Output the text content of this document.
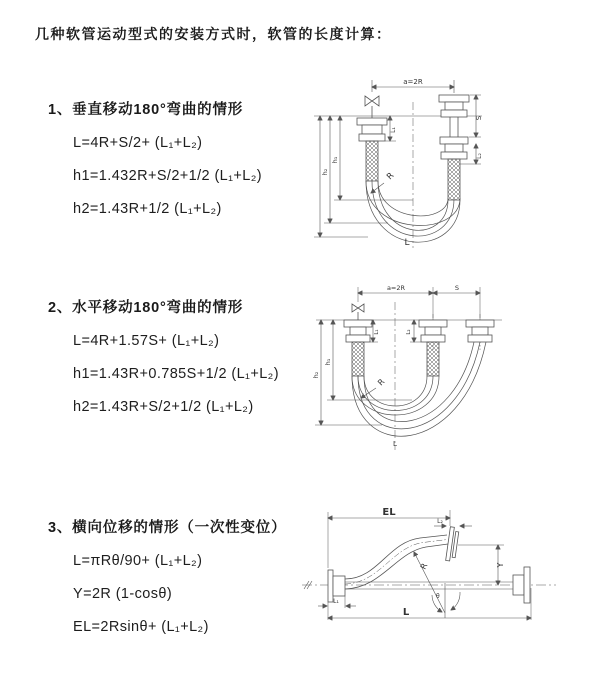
几种软管运动型式的安装方式时，软管的长度计算：
1、垂直移动180°弯曲的情形
L=4R+S/2+ (L₁+L₂)
h1=1.432R+S/2+1/2 (L₁+L₂)
h2=1.43R+1/2 (L₁+L₂)
2、水平移动180°弯曲的情形
L=4R+1.57S+ (L₁+L₂)
h1=1.43R+0.785S+1/2 (L₁+L₂)
h2=1.43R+S/2+1/2 (L₁+L₂)
3、横向位移的情形（一次性变位）
L=πRθ/90+ (L₁+L₂)
Y=2R (1-cosθ)
EL=2Rsinθ+ (L₁+L₂)
a=2R
S
L₂
h₁
h₂
L₁
R
L
a=2R	S
h₁
h₂
L₁	L₂
R
L
EL
L₂
Y
R
θ
L
L₁
